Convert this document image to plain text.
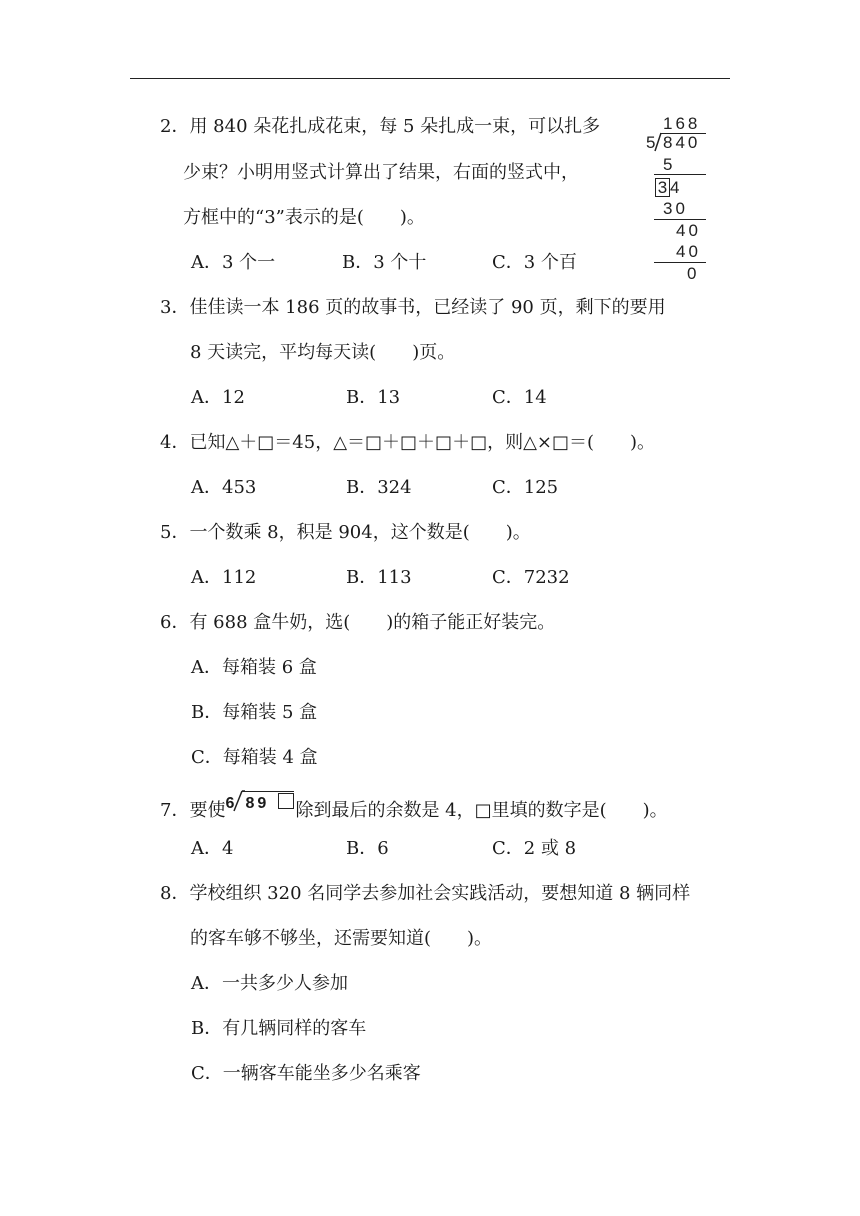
2．用 840 朵花扎成花束，每 5 朵扎成一束，可以扎多
少束？小明用竖式计算出了结果，右面的竖式中，
方框中的“3”表示的是(　　)。
A．3 个一	B．3 个十	C．3 个百
168
5 840
5
3 4
30
40
40
0
3．佳佳读一本 186 页的故事书，已经读了 90 页，剩下的要用
8 天读完，平均每天读(　　)页。
A．12	B．13	C．14
4．已知△＋□＝45，△＝□＋□＋□＋□，则△×□＝(　　)。
A．453	B．324	C．125
5．一个数乘 8，积是 904，这个数是(　　)。
A．112	B．113	C．7232
6．有 688 盒牛奶，选(　　)的箱子能正好装完。
A．每箱装 6 盒
B．每箱装 5 盒
C．每箱装 4 盒
7．要使 6 89 除到最后的余数是 4，□里填的数字是(　　)。
A．4	B．6	C．2 或 8
8．学校组织 320 名同学去参加社会实践活动，要想知道 8 辆同样
的客车够不够坐，还需要知道(　　)。
A．一共多少人参加
B．有几辆同样的客车
C．一辆客车能坐多少名乘客
